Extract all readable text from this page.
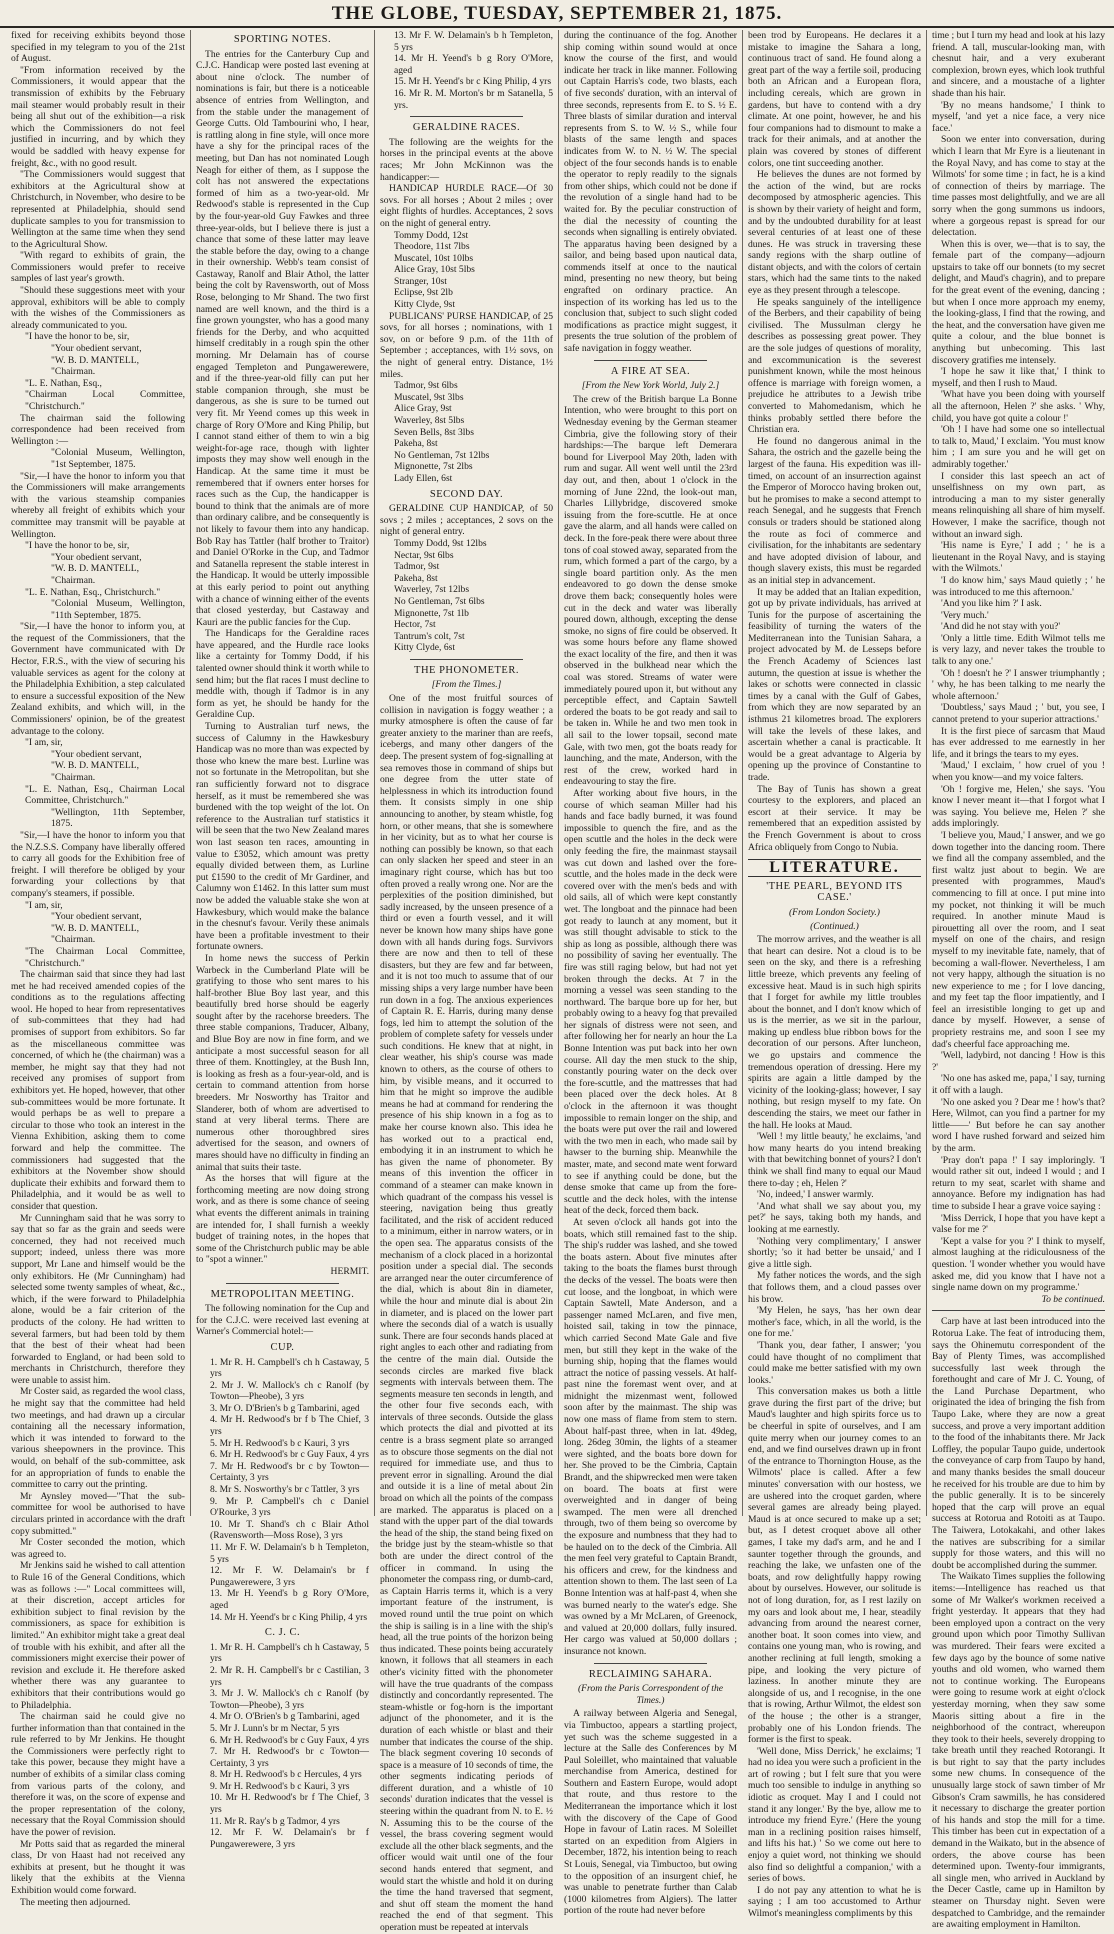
THE GLOBE, TUESDAY, SEPTEMBER 21, 1875.

fixed for receiving exhibits beyond those specified in my telegram to you of the 21st of August.

"From information received by the Commissioners, it would appear that the transmission of exhibits by the February mail steamer would probably result in their being all shut out of the exhibition—a risk which the Commissioners do not feel justified in incurring, and by which they would be saddled with heavy expense for freight, &c., with no good result.

"The Commissioners would suggest that exhibitors at the Agricultural show at Christchurch, in November, who desire to be represented at Philadelphia, should send duplicate samples to you for transmission to Wellington at the same time when they send to the Agricultural Show.

"With regard to exhibits of grain, the Commissioners would prefer to receive samples of last year's growth.

"Should these suggestions meet with your approval, exhibitors will be able to comply with the wishes of the Commissioners as already communicated to you.

"I have the honor to be, sir,

"Your obedient servant,

"W. B. D. MANTELL,

"Chairman.

"L. E. Nathan, Esq.,

"Chairman Local Committee, "Christchurch."

The chairman said the following correspondence had been received from Wellington :—

"Colonial Museum, Wellington, "1st September, 1875.

"Sir,—I have the honor to inform you that the Commissioners will make arrangements with the various steamship companies whereby all freight of exhibits which your committee may transmit will be payable at Wellington.

"I have the honor to be, sir,

"Your obedient servant,

"W. B. D. MANTELL,

"Chairman.

"L. E. Nathan, Esq., Christchurch."

"Colonial Museum, Wellington, "11th September, 1875.

"Sir,—I have the honor to inform you, at the request of the Commissioners, that the Government have communicated with Dr Hector, F.R.S., with the view of securing his valuable services as agent for the colony at the Philadelphia Exhibition, a step calculated to ensure a successful exposition of the New Zealand exhibits, and which will, in the Commissioners' opinion, be of the greatest advantage to the colony.

"I am, sir,

"Your obedient servant,

"W. B. D. MANTELL,

"Chairman.

"L. E. Nathan, Esq., Chairman Local Committee, Christchurch."

"Wellington, 11th September, 1875.

"Sir,—I have the honor to inform you that the N.Z.S.S. Company have liberally offered to carry all goods for the Exhibition free of freight. I will therefore be obliged by your forwarding your collections by that company's steamers, if possible.

"I am, sir,

"Your obedient servant,

"W. B. D. MANTELL,

"Chairman.

"The Chairman Local Committee, "Christchurch."

The chairman said that since they had last met he had received amended copies of the conditions as to the regulations affecting wool. He hoped to hear from representatives of sub-committees that they had had promises of support from exhibitors. So far as the miscellaneous committee was concerned, of which he (the chairman) was a member, he might say that they had not received any promises of support from exhibitors yet. He hoped, however, that other sub-committees would be more fortunate. It would perhaps be as well to prepare a circular to those who took an interest in the Vienna Exhibition, asking them to come forward and help the committee. The commissioners had suggested that the exhibitors at the November show should duplicate their exhibits and forward them to Philadelphia, and it would be as well to consider that question.

Mr Cunningham said that he was sorry to say that so far as the grain and seeds were concerned, they had not received much support; indeed, unless there was more support, Mr Lane and himself would be the only exhibitors. He (Mr Cunningham) had selected some twenty samples of wheat, &c., which, if the were forward to Philadelphia alone, would be a fair criterion of the products of the colony. He had written to several farmers, but had been told by them that the best of their wheat had been forwarded to England, or had been sold to merchants in Christchurch, therefore they were unable to assist him.

Mr Coster said, as regarded the wool class, he might say that the committee had held two meetings, and had drawn up a circular containing all the necessary information, which it was intended to forward to the various sheepowners in the province. This would, on behalf of the sub-committee, ask for an appropriation of funds to enable the committee to carry out the printing.

Mr Aynsley moved—"That the sub-committee for wool be authorised to have circulars printed in accordance with the draft copy submitted."

Mr Coster seconded the motion, which was agreed to.

Mr Jenkins said he wished to call attention to Rule 16 of the General Conditions, which was as follows :—" Local committees will, at their discretion, accept articles for exhibition subject to final revision by the commissioners, as space for exhibition is limited." An exhibitor might take a great deal of trouble with his exhibit, and after all the commissioners might exercise their power of revision and exclude it. He therefore asked whether there was any guarantee to exhibitors that their contributions would go to Philadelphia.

The chairman said he could give no further information than that contained in the rule referred to by Mr Jenkins. He thought the Commissioners were perfectly right to take this power, because they might have a number of exhibits of a similar class coming from various parts of the colony, and therefore it was, on the score of expense and the proper representation of the colony, necessary that the Royal Commission should have the power of revision.

Mr Potts said that as regarded the mineral class, Dr von Haast had not received any exhibits at present, but he thought it was likely that the exhibits at the Vienna Exhibition would come forward.

The meeting then adjourned.

SPORTING NOTES.

The entries for the Canterbury Cup and C.J.C. Handicap were posted last evening at about nine o'clock. The number of nominations is fair, but there is a noticeable absence of entries from Wellington, and from the stable under the management of George Cutts. Old Tambourini who, I hear, is rattling along in fine style, will once more have a shy for the principal races of the meeting, but Dan has not nominated Lough Neagh for either of them, as I suppose the colt has not answered the expectations formed of him as a two-year-old. Mr Redwood's stable is represented in the Cup by the four-year-old Guy Fawkes and three three-year-olds, but I believe there is just a chance that some of these latter may leave the stable before the day, owing to a change in their ownership. Webb's team consist of Castaway, Ranolf and Blair Athol, the latter being the colt by Ravensworth, out of Moss Rose, belonging to Mr Shand. The two first named are well known, and the third is a fine grown youngster, who has a good many friends for the Derby, and who acquitted himself creditably in a rough spin the other morning. Mr Delamain has of course engaged Templeton and Pungawerewere, and if the three-year-old filly can put her stable companion through, she must be dangerous, as she is sure to be turned out very fit. Mr Yeend comes up this week in charge of Rory O'More and King Philip, but I cannot stand either of them to win a big weight-for-age race, though with lighter imposts they may show well enough in the Handicap. At the same time it must be remembered that if owners enter horses for races such as the Cup, the handicapper is bound to think that the animals are of more than ordinary calibre, and be consequently is not likely to favour them into any handicap. Bob Ray has Tattler (half brother to Traitor) and Daniel O'Rorke in the Cup, and Tadmor and Satanella represent the stable interest in the Handicap. It would be utterly impossible at this early period to point out anything with a chance of winning either of the events that closed yesterday, but Castaway and Kauri are the public fancies for the Cup.

The Handicaps for the Geraldine races have appeared, and the Hurdle race looks like a certainty for Tommy Dodd, if his talented owner should think it worth while to send him; but the flat races I must decline to meddle with, though if Tadmor is in any form as yet, he should be handy for the Geraldine Cup.

Turning to Australian turf news, the success of Calumny in the Hawkesbury Handicap was no more than was expected by those who knew the mare best. Lurline was not so fortunate in the Metropolitan, but she ran sufficiently forward not to disgrace herself, as it must be remembered she was burdened with the top weight of the lot. On reference to the Australian turf statistics it will be seen that the two New Zealand mares won last season ten races, amounting in value to £3052, which amount was pretty equally divided between them, as Lurline put £1590 to the credit of Mr Gardiner, and Calumny won £1462. In this latter sum must now be added the valuable stake she won at Hawkesbury, which would make the balance in the chesnut's favour. Verily these animals have been a profitable investment to their fortunate owners.

In home news the success of Perkin Warbeck in the Cumberland Plate will be gratifying to those who sent mares to his half-brother Blue Boy last year, and this beautifully bred horse should be eagerly sought after by the racehorse breeders. The three stable companions, Traducer, Albany, and Blue Boy are now in fine form, and we anticipate a most successful season for all three of them. Knottingley, at the Bush Inn, is looking as fresh as a four-year-old, and is certain to command attention from horse breeders. Mr Nosworthy has Traitor and Slanderer, both of whom are advertised to stand at very liberal terms. There are numerous other thoroughbred sires advertised for the season, and owners of mares should have no difficulty in finding an animal that suits their taste.

As the horses that will figure at the forthcoming meeting are now doing strong work, and as there is some chance of seeing what events the different animals in training are intended for, I shall furnish a weekly budget of training notes, in the hopes that some of the Christchurch public may be able to "spot a winner."

HERMIT.

METROPOLITAN MEETING.

The following nomination for the Cup and for the C.J.C. were received last evening at Warner's Commercial hotel:—

CUP.

1. Mr R. H. Campbell's ch h Castaway, 5 yrs

2. Mr J. W. Mallock's ch c Ranolf (by Towton—Pheobe), 3 yrs

3. Mr O. D'Brien's b g Tambarini, aged

4. Mr H. Redwood's br f b The Chief, 3 yrs

5. Mr H. Redwood's b c Kauri, 3 yrs

6. Mr H. Redwood's br c Guy Faux, 4 yrs

7. Mr H. Redwood's br c by Towton—Certainty, 3 yrs

8. Mr S. Nosworthy's br c Tattler, 3 yrs

9. Mr P. Campbell's ch c Daniel O'Rourke, 3 yrs

10. Mr T. Shand's ch c Blair Athol (Ravensworth—Moss Rose), 3 yrs

11. Mr F. W. Delamain's b h Templeton, 5 yrs

12. Mr F. W. Delamain's br f Pungawerewere, 3 yrs

13. Mr H. Yeend's b g Rory O'More, aged

14. Mr H. Yeend's br c King Philip, 4 yrs

C. J. C.

1. Mr R. H. Campbell's ch h Castaway, 5 yrs

2. Mr R. H. Campbell's br c Castilian, 3 yrs

3. Mr J. W. Mallock's ch c Ranolf (by Towton—Pheobe), 3 yrs

4. Mr O. O'Brien's b g Tambarini, aged

5. Mr J. Lunn's br m Nectar, 5 yrs

6. Mr H. Redwood's br c Guy Faux, 4 yrs

7. Mr H. Redwood's br c Towton—Certainty, 3 yrs

8. Mr H. Redwood's b c Hercules, 4 yrs

9. Mr H. Redwood's b c Kauri, 3 yrs

10. Mr H. Redwood's br f The Chief, 3 yrs

11. Mr R. Ray's b g Tadmor, 4 yrs

12. Mr F. W. Delamain's br f Pungawerewere, 3 yrs

13. Mr F. W. Delamain's b h Templeton, 5 yrs

14. Mr H. Yeend's b g Rory O'More, aged

15. Mr H. Yeend's br c King Philip, 4 yrs

16. Mr R. M. Morton's br m Satanella, 5 yrs.

GERALDINE RACES.

The following are the weights for the horses in the principal events at the above races; Mr John McKinnon was the handicapper:—

HANDICAP HURDLE RACE—Of 30 sovs. For all horses ; About 2 miles ; over eight flights of hurdles. Acceptances, 2 sovs on the night of general entry.

Tommy Dodd, 12st

Theodore, 11st 7lbs

Muscatel, 10st 10lbs

Alice Gray, 10st 5lbs

Stranger, 10st

Eclipse, 9st 2lb

Kitty Clyde, 9st

PUBLICANS' PURSE HANDICAP, of 25 sovs, for all horses ; nominations, with 1 sov, on or before 9 p.m. of the 11th of September ; acceptances, with 1½ sovs, on the night of general entry. Distance, 1½ miles.

Tadmor, 9st 6lbs

Muscatel, 9st 3lbs

Alice Gray, 9st

Waverley, 8st 5lbs

Seven Bells, 8st 3lbs

Pakeha, 8st

No Gentleman, 7st 12lbs

Mignonette, 7st 2lbs

Lady Ellen, 6st

SECOND DAY.

GERALDINE CUP HANDICAP, of 50 sovs ; 2 miles ; acceptances, 2 sovs on the night of general entry.

Tommy Dodd, 9st 12lbs

Nectar, 9st 6lbs

Tadmor, 9st

Pakeha, 8st

Waverley, 7st 12lbs

No Gentleman, 7st 6lbs

Mignonette, 7st 1lb

Hector, 7st

Tantrum's colt, 7st

Kitty Clyde, 6st

THE PHONOMETER.

[From the Times.]

One of the most fruitful sources of collision in navigation is foggy weather ; a murky atmosphere is often the cause of far greater anxiety to the mariner than are reefs, icebergs, and many other dangers of the deep. The present system of fog-signalling at sea removes those in command of ships but one degree from the utter state of helplessness in which its introduction found them. It consists simply in one ship announcing to another, by steam whistle, fog horn, or other means, that she is somewhere in her vicinity, but as to what her course is nothing can possibly be known, so that each can only slacken her speed and steer in an imaginary right course, which has but too often proved a really wrong one. Nor are the perplexities of the position diminished, but sadly increased, by the unseen presence of a third or even a fourth vessel, and it will never be known how many ships have gone down with all hands during fogs. Survivors there are now and then to tell of these disasters, but they are few and far between, and it is not too much to assume that of our missing ships a very large number have been run down in a fog. The anxious experiences of Captain R. E. Harris, during many dense fogs, led him to attempt the solution of the problem of complete safety for vessels under such conditions. He knew that at night, in clear weather, his ship's course was made known to others, as the course of others to him, by visible means, and it occurred to him that he might so improve the audible means he had at command for rendering the presence of his ship known in a fog as to make her course known also. This idea he has worked out to a practical end, embodying it in an instrument to which he has given the name of phonometer. By means of this invention the officer in command of a steamer can make known in which quadrant of the compass his vessel is steering, navigation being thus greatly facilitated, and the risk of accident reduced to a minimum, either in narrow waters, or in the open sea. The apparatus consists of the mechanism of a clock placed in a horizontal position under a special dial. The seconds are arranged near the outer circumference of the dial, which is about 8in in diameter, while the hour and minute dial is about 2in in diameter, and is placed on the lower part where the seconds dial of a watch is usually sunk. There are four seconds hands placed at right angles to each other and radiating from the centre of the main dial. Outside the seconds circles are marked five black segments with intervals between them. The segments measure ten seconds in length, and the other four five seconds each, with intervals of three seconds. Outside the glass which protects the dial and pivotted at its centre is a brass segment plate so arranged as to obscure those segments on the dial not required for immediate use, and thus to prevent error in signalling. Around the dial and outside it is a line of metal about 2in broad on which all the points of the compass are marked. The apparatus is placed on a stand with the upper part of the dial towards the head of the ship, the stand being fixed on the bridge just by the steam-whistle so that both are under the direct control of the officer in command. In using the phonometer the compass ring, or dumb-card, as Captain Harris terms it, which is a very important feature of the instrument, is moved round until the true point on which the ship is sailing is in a line with the ship's head, all the true points of the horizon being thus indicated. These points being accurately known, it follows that all steamers in each other's vicinity fitted with the phonometer will have the true quadrants of the compass distinctly and concordantly represented. The steam-whistle or fog-horn is the important adjunct of the phonometer, and it is the duration of each whistle or blast and their number that indicates the course of the ship. The black segment covering 10 seconds of space is a measure of 10 seconds of time, the other segments indicating periods of different duration, and a whistle of 10 seconds' duration indicates that the vessel is steering within the quadrant from N. to E. ½ N. Assuming this to be the course of the vessel, the brass covering segment would exclude all the other black segments, and the officer would wait until one of the four second hands entered that segment, and would start the whistle and hold it on during the time the hand traversed that segment, and shut off steam the moment the hand reached the end of that segment. This operation must be repeated at intervals

during the continuance of the fog. Another ship coming within sound would at once know the course of the first, and would indicate her track in like manner. Following out Captain Harris's code, two blasts, each of five seconds' duration, with an interval of three seconds, represents from E. to S. ½ E. Three blasts of similar duration and interval represents from S. to W. ½ S., while four blasts of the same length and spaces indicates from W. to N. ½ W. The special object of the four seconds hands is to enable the operator to reply readily to the signals from other ships, which could not be done if the revolution of a single hand had to be waited for. By the peculiar construction of the dial the necessity of counting the seconds when signalling is entirely obviated. The apparatus having been designed by a sailor, and being based upon nautical data, commends itself at once to the nautical mind, presenting no new theory, but being engrafted on ordinary practice. An inspection of its working has led us to the conclusion that, subject to such slight coded modifications as practice might suggest, it presents the true solution of the problem of safe navigation in foggy weather.

A FIRE AT SEA.

[From the New York World, July 2.]

The crew of the British barque La Bonne Intention, who were brought to this port on Wednesday evening by the German steamer Cimbria, give the following story of their hardships:—The barque left Demerara bound for Liverpool May 20th, laden with rum and sugar. All went well until the 23rd day out, and then, about 1 o'clock in the morning of June 22nd, the look-out man, Charles Lillybridge, discovered smoke issuing from the fore-scuttle. He at once gave the alarm, and all hands were called on deck. In the fore-peak there were about three tons of coal stowed away, separated from the rum, which formed a part of the cargo, by a single board partition only. As the men endeavored to go down the dense smoke drove them back; consequently holes were cut in the deck and water was liberally poured down, although, excepting the dense smoke, no signs of fire could be observed. It was some hours before any flame showed the exact locality of the fire, and then it was observed in the bulkhead near which the coal was stored. Streams of water were immediately poured upon it, but without any perceptible effect, and Captain Sawtell ordered the boats to be got ready and sail to be taken in. While he and two men took in all sail to the lower topsail, second mate Gale, with two men, got the boats ready for launching, and the mate, Anderson, with the rest of the crew, worked hard in endeavouring to stay the fire.

After working about five hours, in the course of which seaman Miller had his hands and face badly burned, it was found impossible to quench the fire, and as the open scuttle and the holes in the deck were only feeding the fire, the mainmast staysail was cut down and lashed over the fore-scuttle, and the holes made in the deck were covered over with the men's beds and with old sails, all of which were kept constantly wet. The longboat and the pinnace had been got ready to launch at any moment, but it was still thought advisable to stick to the ship as long as possible, although there was no possibility of saving her eventually. The fire was still raging below, but had not yet broken through the decks. At 7 in the morning a vessel was seen standing to the northward. The barque bore up for her, but probably owing to a heavy fog that prevailed her signals of distress were not seen, and after following her for nearly an hour the La Bonne Intention was put back into her own course. All day the men stuck to the ship, constantly pouring water on the deck over the fore-scuttle, and the mattresses that had been placed over the deck holes. At 8 o'clock in the afternoon it was thought impossible to remain longer on the ship, and the boats were put over the rail and lowered with the two men in each, who made sail by hawser to the burning ship. Meanwhile the master, mate, and second mate went forward to see if anything could be done, but the dense smoke that came up from the fore-scuttle and the deck holes, with the intense heat of the deck, forced them back.

At seven o'clock all hands got into the boats, which still remained fast to the ship. The ship's rudder was lashed, and she towed the boats astern. About five minutes after taking to the boats the flames burst through the decks of the vessel. The boats were then cut loose, and the longboat, in which were Captain Sawtell, Mate Anderson, and a passenger named McLaren, and five men, hoisted sail, taking in tow the pinnace, which carried Second Mate Gale and five men, but still they kept in the wake of the burning ship, hoping that the flames would attract the notice of passing vessels. At half-past nine the foremast went over, and at midnight the mizenmast went, followed soon after by the mainmast. The ship was now one mass of flame from stem to stern. About half-past three, when in lat. 49deg, long. 26deg 30min, the lights of a steamer were sighted, and the boats bore down for her. She proved to be the Cimbria, Captain Brandt, and the shipwrecked men were taken on board. The boats at first were overweighted and in danger of being swamped. The men were all drenched through, two of them being so overcome by the exposure and numbness that they had to be hauled on to the deck of the Cimbria. All the men feel very grateful to Captain Brandt, his officers and crew, for the kindness and attention shown to them. The last seen of La Bonne Intention was at half-past 4, when she was burned nearly to the water's edge. She was owned by a Mr McLaren, of Greenock, and valued at 20,000 dollars, fully insured. Her cargo was valued at 50,000 dollars ; insurance not known.

RECLAIMING SAHARA.

(From the Paris Correspondent of the Times.)

A railway between Algeria and Senegal, via Timbuctoo, appears a startling project, yet such was the scheme suggested in a lecture at the Salle des Conferences by M Paul Soleillet, who maintained that valuable merchandise from America, destined for Southern and Eastern Europe, would adopt that route, and thus restore to the Mediterranean the importance which it lost with the discovery of the Cape of Good Hope in favour of Latin races. M Soleillet started on an expedition from Algiers in December, 1872, his intention being to reach St Louis, Senegal, via Timbuctoo, but owing to the opposition of an insurgent chief, he was unable to penetrate further than Calab (1000 kilometres from Algiers). The latter portion of the route had never before

been trod by Europeans. He declares it a mistake to imagine the Sahara a long, continuous tract of sand. He found along a great part of the way a fertile soil, producing both an African and a European flora, including cereals, which are grown in gardens, but have to contend with a dry climate. At one point, however, he and his four companions had to dismount to make a track for their animals, and at another the plain was covered by stones of different colors, one tint succeeding another.

He believes the dunes are not formed by the action of the wind, but are rocks decomposed by atmospheric agencies. This is shown by their variety of height and form, and by the undoubted durability for at least several centuries of at least one of these dunes. He was struck in traversing these sandy regions with the sharp outline of distant objects, and with the colors of certain stars, which had the same tints to the naked eye as they present through a telescope.

He speaks sanguinely of the intelligence of the Berbers, and their capability of being civilised. The Mussulman clergy he describes as possessing great power. They are the sole judges of questions of morality, and excommunication is the severest punishment known, while the most heinous offence is marriage with foreign women, a prejudice he attributes to a Jewish tribe converted to Mahomedanism, which he thinks probably settled there before the Christian era.

He found no dangerous animal in the Sahara, the ostrich and the gazelle being the largest of the fauna. His expedition was ill-timed, on account of an insurrection against the Emperor of Morocco having broken out, but he promises to make a second attempt to reach Senegal, and he suggests that French consuls or traders should be stationed along the route as foci of commerce and civilisation, for the inhabitants are sedentary and have adopted division of labour, and though slavery exists, this must be regarded as an initial step in advancement.

It may be added that an Italian expedition, got up by private individuals, has arrived at Tunis for the purpose of ascertaining the feasibility of turning the waters of the Mediterranean into the Tunisian Sahara, a project advocated by M. de Lesseps before the French Academy of Sciences last autumn, the question at issue is whether the lakes or schotts were connected in classic times by a canal with the Gulf of Gabes, from which they are now separated by an isthmus 21 kilometres broad. The explorers will take the levels of these lakes, and ascertain whether a canal is practicable. It would be a great advantage to Algeria by opening up the province of Constantine to trade.

The Bay of Tunis has shown a great courtesy to the explorers, and placed an escort at their service. It may be remembered that an expedition assisted by the French Government is about to cross Africa obliquely from Congo to Nubia.

LITERATURE.
'THE PEARL, BEYOND ITS CASE.'

(From London Society.)

(Continued.)

The morrow arrives, and the weather is all that heart can desire. Not a cloud is to be seen on the sky, and there is a refreshing little breeze, which prevents any feeling of excessive heat. Maud is in such high spirits that I forget for awhile my little troubles about the bonnet, and I don't know which of us is the merrier, as we sit in the parlour, making up endless blue ribbon bows for the decoration of our persons. After luncheon, we go upstairs and commence the tremendous operation of dressing. Here my spirits are again a little damped by the vicinity of the looking-glass; however, I say nothing, but resign myself to my fate. On descending the stairs, we meet our father in the hall. He looks at Maud.

'Well ! my little beauty,' he exclaims, 'and how many hearts do you intend breaking with that bewitching bonnet of yours? I don't think we shall find many to equal our Maud there to-day ; eh, Helen ?'

'No, indeed,' I answer warmly.

'And what shall we say about you, my pet?' he says, taking both my hands, and looking at me earnestly.

'Nothing very complimentary,' I answer shortly; 'so it had better be unsaid,' and I give a little sigh.

My father notices the words, and the sigh that follows them, and a cloud passes over his brow.

'My Helen, he says, 'has her own dear mother's face, which, in all the world, is the one for me.'

'Thank you, dear father, I answer; 'you could have thought of no compliment that could make me better satisfied with my own looks.'

This conversation makes us both a little grave during the first part of the drive; but Maud's laughter and high spirits force us to be cheerful in spite of ourselves, and I am quite merry when our journey comes to an end, and we find ourselves drawn up in front of the entrance to Thornington House, as the Wilmots' place is called. After a few minutes' conversation with our hostess, we are ushered into the croquet garden, where several games are already being played. Maud is at once secured to make up a set; but, as I detest croquet above all other games, I take my dad's arm, and he and I saunter together through the grounds, and reaching the lake, we unfasten one of the boats, and row delightfully happy rowing about by ourselves. However, our solitude is not of long duration, for, as I rest lazily on my oars and look about me, I hear, steadily advancing from around the nearest corner, another boat. It soon comes into view, and contains one young man, who is rowing, and another reclining at full length, smoking a pipe, and looking the very picture of laziness. In another minute they are alongside of us, and I recognise, in the one that is rowing, Arthur Wilmot, the eldest son of the house ; the other is a stranger, probably one of his London friends. The former is the first to speak.

'Well done, Miss Derrick,' he exclaims; 'I had no idea you were such a proficient in the art of rowing ; but I felt sure that you were much too sensible to indulge in anything so idiotic as croquet. May I and I could not stand it any longer.' By the bye, allow me to introduce my friend Eyre.' (Here the young man in a reclining position raises himself, and lifts his hat.) ' So we come out here to enjoy a quiet word, not thinking we should also find so delightful a companion,' with a series of bows.

I do not pay any attention to what he is saying ; I am too accustomed to Arthur Wilmot's meaningless compliments by this

time ; but I turn my head and look at his lazy friend. A tall, muscular-looking man, with chesnut hair, and a very exuberant complexion, brown eyes, which look truthful and sincere, and a moustache of a lighter shade than his hair.

'By no means handsome,' I think to myself, 'and yet a nice face, a very nice face.'

Soon we enter into conversation, during which I learn that Mr Eyre is a lieutenant in the Royal Navy, and has come to stay at the Wilmots' for some time ; in fact, he is a kind of connection of theirs by marriage. The time passes most delightfully, and we are all sorry when the gong summons us indoors, where a gorgeous repast is spread for our delectation.

When this is over, we—that is to say, the female part of the company—adjourn upstairs to take off our bonnets (to my secret delight, and Maud's chagrin), and to prepare for the great event of the evening, dancing ; but when I once more approach my enemy, the looking-glass, I find that the rowing, and the heat, and the conversation have given me quite a colour, and the blue bonnet is anything but unbecoming. This last discovery gratifies me intensely.

'I hope he saw it like that,' I think to myself, and then I rush to Maud.

'What have you been doing with yourself all the afternoon, Helen ?' she asks. ' Why, child, you have got quite a colour !'

'Oh ! I have had some one so intellectual to talk to, Maud,' I exclaim. 'You must know him ; I am sure you and he will get on admirably together.'

I consider this last speech an act of unselfishness on my own part, as introducing a man to my sister generally means relinquishing all share of him myself. However, I make the sacrifice, though not without an inward sigh.

'His name is Eyre,' I add ; ' he is a lieutenant in the Royal Navy, and is staying with the Wilmots.'

'I do know him,' says Maud quietly ; ' he was introduced to me this afternoon.'

'And you like him ?' I ask.

'Very much.'

'And did he not stay with you?'

'Only a little time. Edith Wilmot tells me is very lazy, and never takes the trouble to talk to any one.'

'Oh ! doesn't he ?' I answer triumphantly ; ' why, he has been talking to me nearly the whole afternoon.'

'Doubtless,' says Maud ; ' but, you see, I cannot pretend to your superior attractions.'

It is the first piece of sarcasm that Maud has ever addressed to me earnestly in her life, and it brings the tears to my eyes.

'Maud,' I exclaim, ' how cruel of you ! when you know—and my voice falters.

'Oh ! forgive me, Helen,' she says. 'You know I never meant it—that I forgot what I was saying. You believe me, Helen ?' she adds imploringly.

'I believe you, Maud,' I answer, and we go down together into the dancing room. There we find all the company assembled, and the first waltz just about to begin. We are presented with programmes, Maud's commencing to fill at once. I put mine into my pocket, not thinking it will be much required. In another minute Maud is pirouetting all over the room, and I seat myself on one of the chairs, and resign myself to my inevitable fate, namely, that of becoming a wall-flower. Nevertheless, I am not very happy, although the situation is no new experience to me ; for I love dancing, and my feet tap the floor impatiently, and I feel an irresistible longing to get up and dance by myself. However, a sense of propriety restrains me, and soon I see my dad's cheerful face approaching me.

'Well, ladybird, not dancing ! How is this ?'

'No one has asked me, papa,' I say, turning it off with a laugh.

'No one asked you ? Dear me ! how's that? Here, Wilmot, can you find a partner for my little——' But before he can say another word I have rushed forward and seized him by the arm.

'Pray don't papa !' I say imploringly. 'I would rather sit out, indeed I would ; and I return to my seat, scarlet with shame and annoyance. Before my indignation has had time to subside I hear a grave voice saying :

'Miss Derrick, I hope that you have kept a valse for me ?'

'Kept a valse for you ?' I think to myself, almost laughing at the ridiculousness of the question. 'I wonder whether you would have asked me, did you know that I have not a single name down on my programme.'

To be continued.

Carp have at last been introduced into the Rotorua Lake. The feat of introducing them, says the Ohinemutu correspondent of the Bay of Plenty Times, was accomplished successfully last week through the forethought and care of Mr J. C. Young, of the Land Purchase Department, who originated the idea of bringing the fish from Taupo Lake, where they are now a great success, and prove a very important addition to the food of the inhabitants there. Mr Jack Loffley, the popular Taupo guide, undertook the conveyance of carp from Taupo by hand, and many thanks besides the small douceur he received for his trouble are due to him by the public generally. It is to be sincerely hoped that the carp will prove an equal success at Rotorua and Rotoiti as at Taupo. The Taiwera, Lotokakahi, and other lakes the natives are subscribing for a similar supply for those waters, and this will no doubt be accomplished during the summer.

The Waikato Times supplies the following items:—Intelligence has reached us that some of Mr Walker's workmen received a fright yesterday. It appears that they had been employed upon a contract on the very ground upon which poor Timothy Sullivan was murdered. Their fears were excited a few days ago by the bounce of some native youths and old women, who warned them not to continue working. The Europeans were going to resume work at eight o'clock yesterday morning, when they saw some Maoris sitting about a fire in the neighborhood of the contract, whereupon they took to their heels, severely dropping to take breath until they reached Rotorangi. It is but right to say that the party includes some new chums. In consequence of the unusually large stock of sawn timber of Mr Gibson's Cram sawmills, he has considered it necessary to discharge the greater portion of his hands and stop the mill for a time. This timber has been cut in expectation of a demand in the Waikato, but in the absence of orders, the above course has been determined upon. Twenty-four immigrants, all single men, who arrived in Auckland by the Decer Castle, came up in Hamilton by steamer on Thursday night. Seven were despatched to Cambridge, and the remainder are awaiting employment in Hamilton.
